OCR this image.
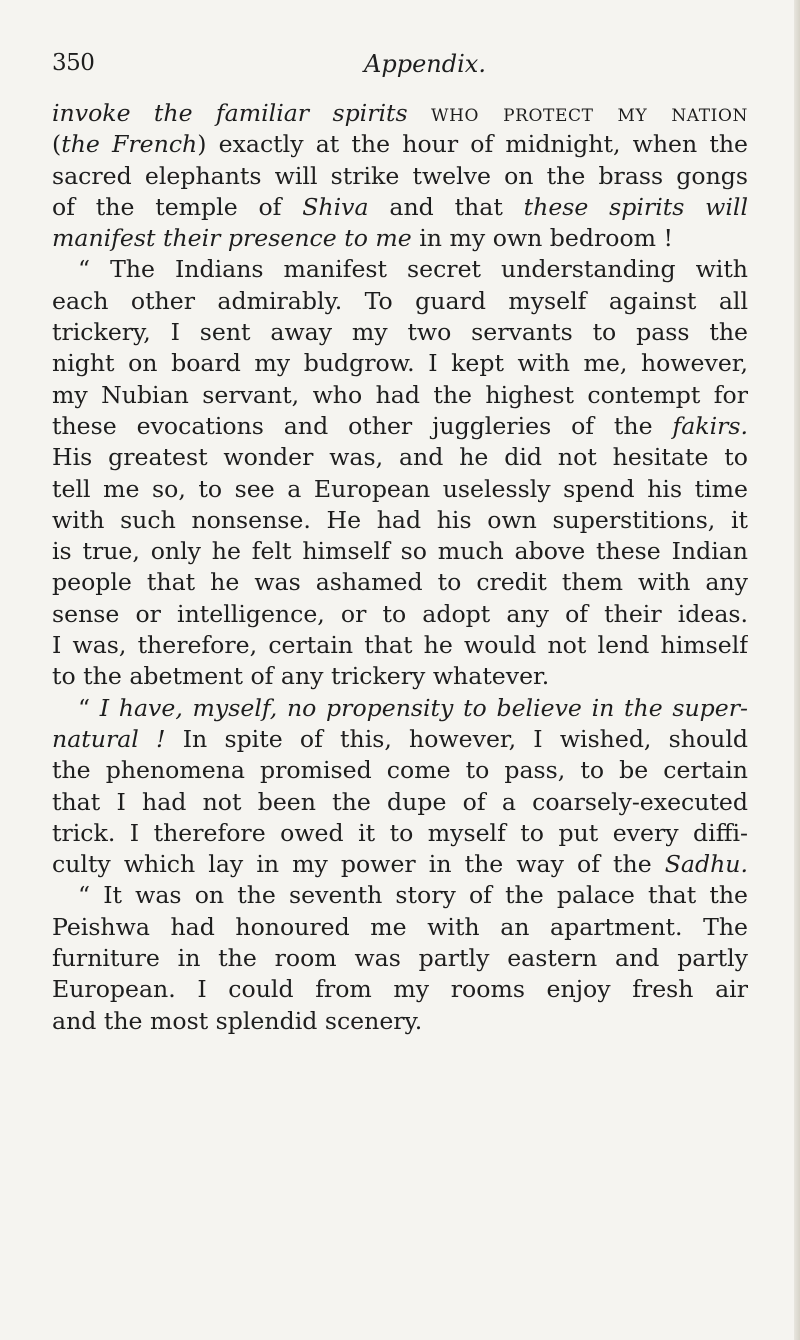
350	Appendix.
invoke the familiar spirits who protect my nation
(the French) exactly at the hour of midnight, when the
sacred elephants will strike twelve on the brass gongs
of the temple of Shiva and that these spirits will
manifest their presence to me in my own bedroom !
“ The Indians manifest secret understanding with
each other admirably. To guard myself against all
trickery, I sent away my two servants to pass the
night on board my budgrow. I kept with me, however,
my Nubian servant, who had the highest contempt for
these evocations and other juggleries of the fakirs.
His greatest wonder was, and he did not hesitate to
tell me so, to see a European uselessly spend his time
with such nonsense. He had his own superstitions, it
is true, only he felt himself so much above these Indian
people that he was ashamed to credit them with any
sense or intelligence, or to adopt any of their ideas.
I was, therefore, certain that he would not lend himself
to the abetment of any trickery whatever.
“ I have, myself, no propensity to believe in the super-
natural ! In spite of this, however, I wished, should
the phenomena promised come to pass, to be certain
that I had not been the dupe of a coarsely-executed
trick. I therefore owed it to myself to put every diffi-
culty which lay in my power in the way of the Sadhu.
“ It was on the seventh story of the palace that the
Peishwa had honoured me with an apartment. The
furniture in the room was partly eastern and partly
European. I could from my rooms enjoy fresh air
and the most splendid scenery.
